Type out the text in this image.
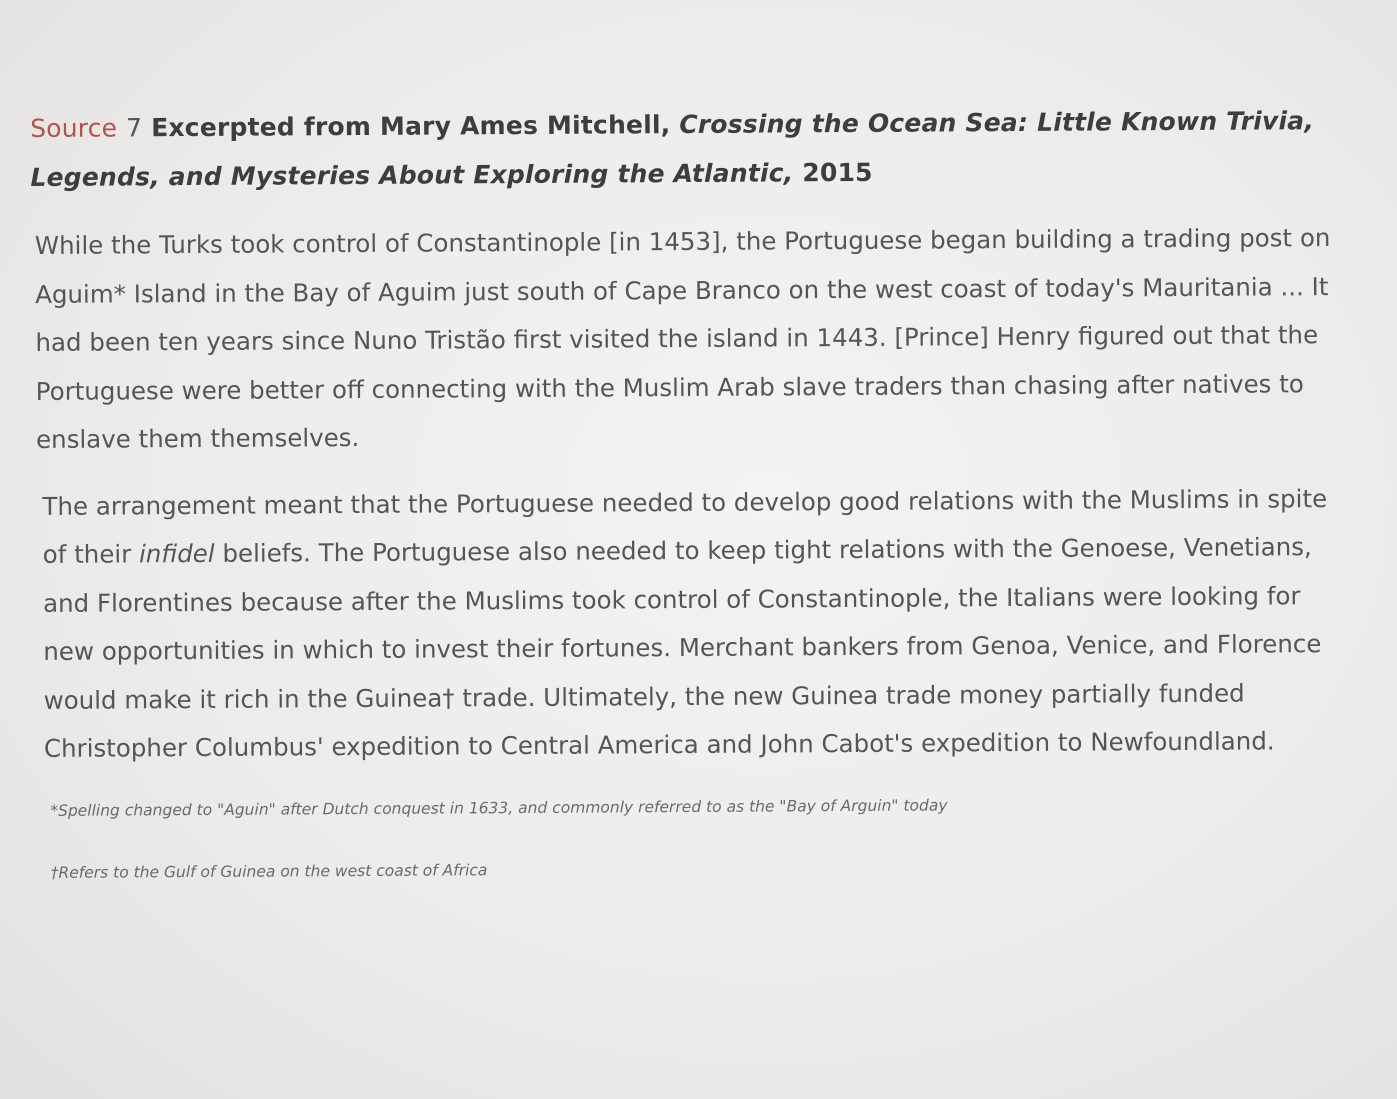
Source 7 Excerpted from Mary Ames Mitchell, Crossing the Ocean Sea: Little Known Trivia, Legends, and Mysteries About Exploring the Atlantic, 2015

While the Turks took control of Constantinople [in 1453], the Portuguese began building a trading post on Aguim* Island in the Bay of Aguim just south of Cape Branco on the west coast of today's Mauritania ... It had been ten years since Nuno Tristão first visited the island in 1443. [Prince] Henry figured out that the Portuguese were better off connecting with the Muslim Arab slave traders than chasing after natives to enslave them themselves.

The arrangement meant that the Portuguese needed to develop good relations with the Muslims in spite of their infidel beliefs. The Portuguese also needed to keep tight relations with the Genoese, Venetians, and Florentines because after the Muslims took control of Constantinople, the Italians were looking for new opportunities in which to invest their fortunes. Merchant bankers from Genoa, Venice, and Florence would make it rich in the Guinea† trade. Ultimately, the new Guinea trade money partially funded Christopher Columbus' expedition to Central America and John Cabot's expedition to Newfoundland.

*Spelling changed to "Aguin" after Dutch conquest in 1633, and commonly referred to as the "Bay of Arguin" today
†Refers to the Gulf of Guinea on the west coast of Africa
